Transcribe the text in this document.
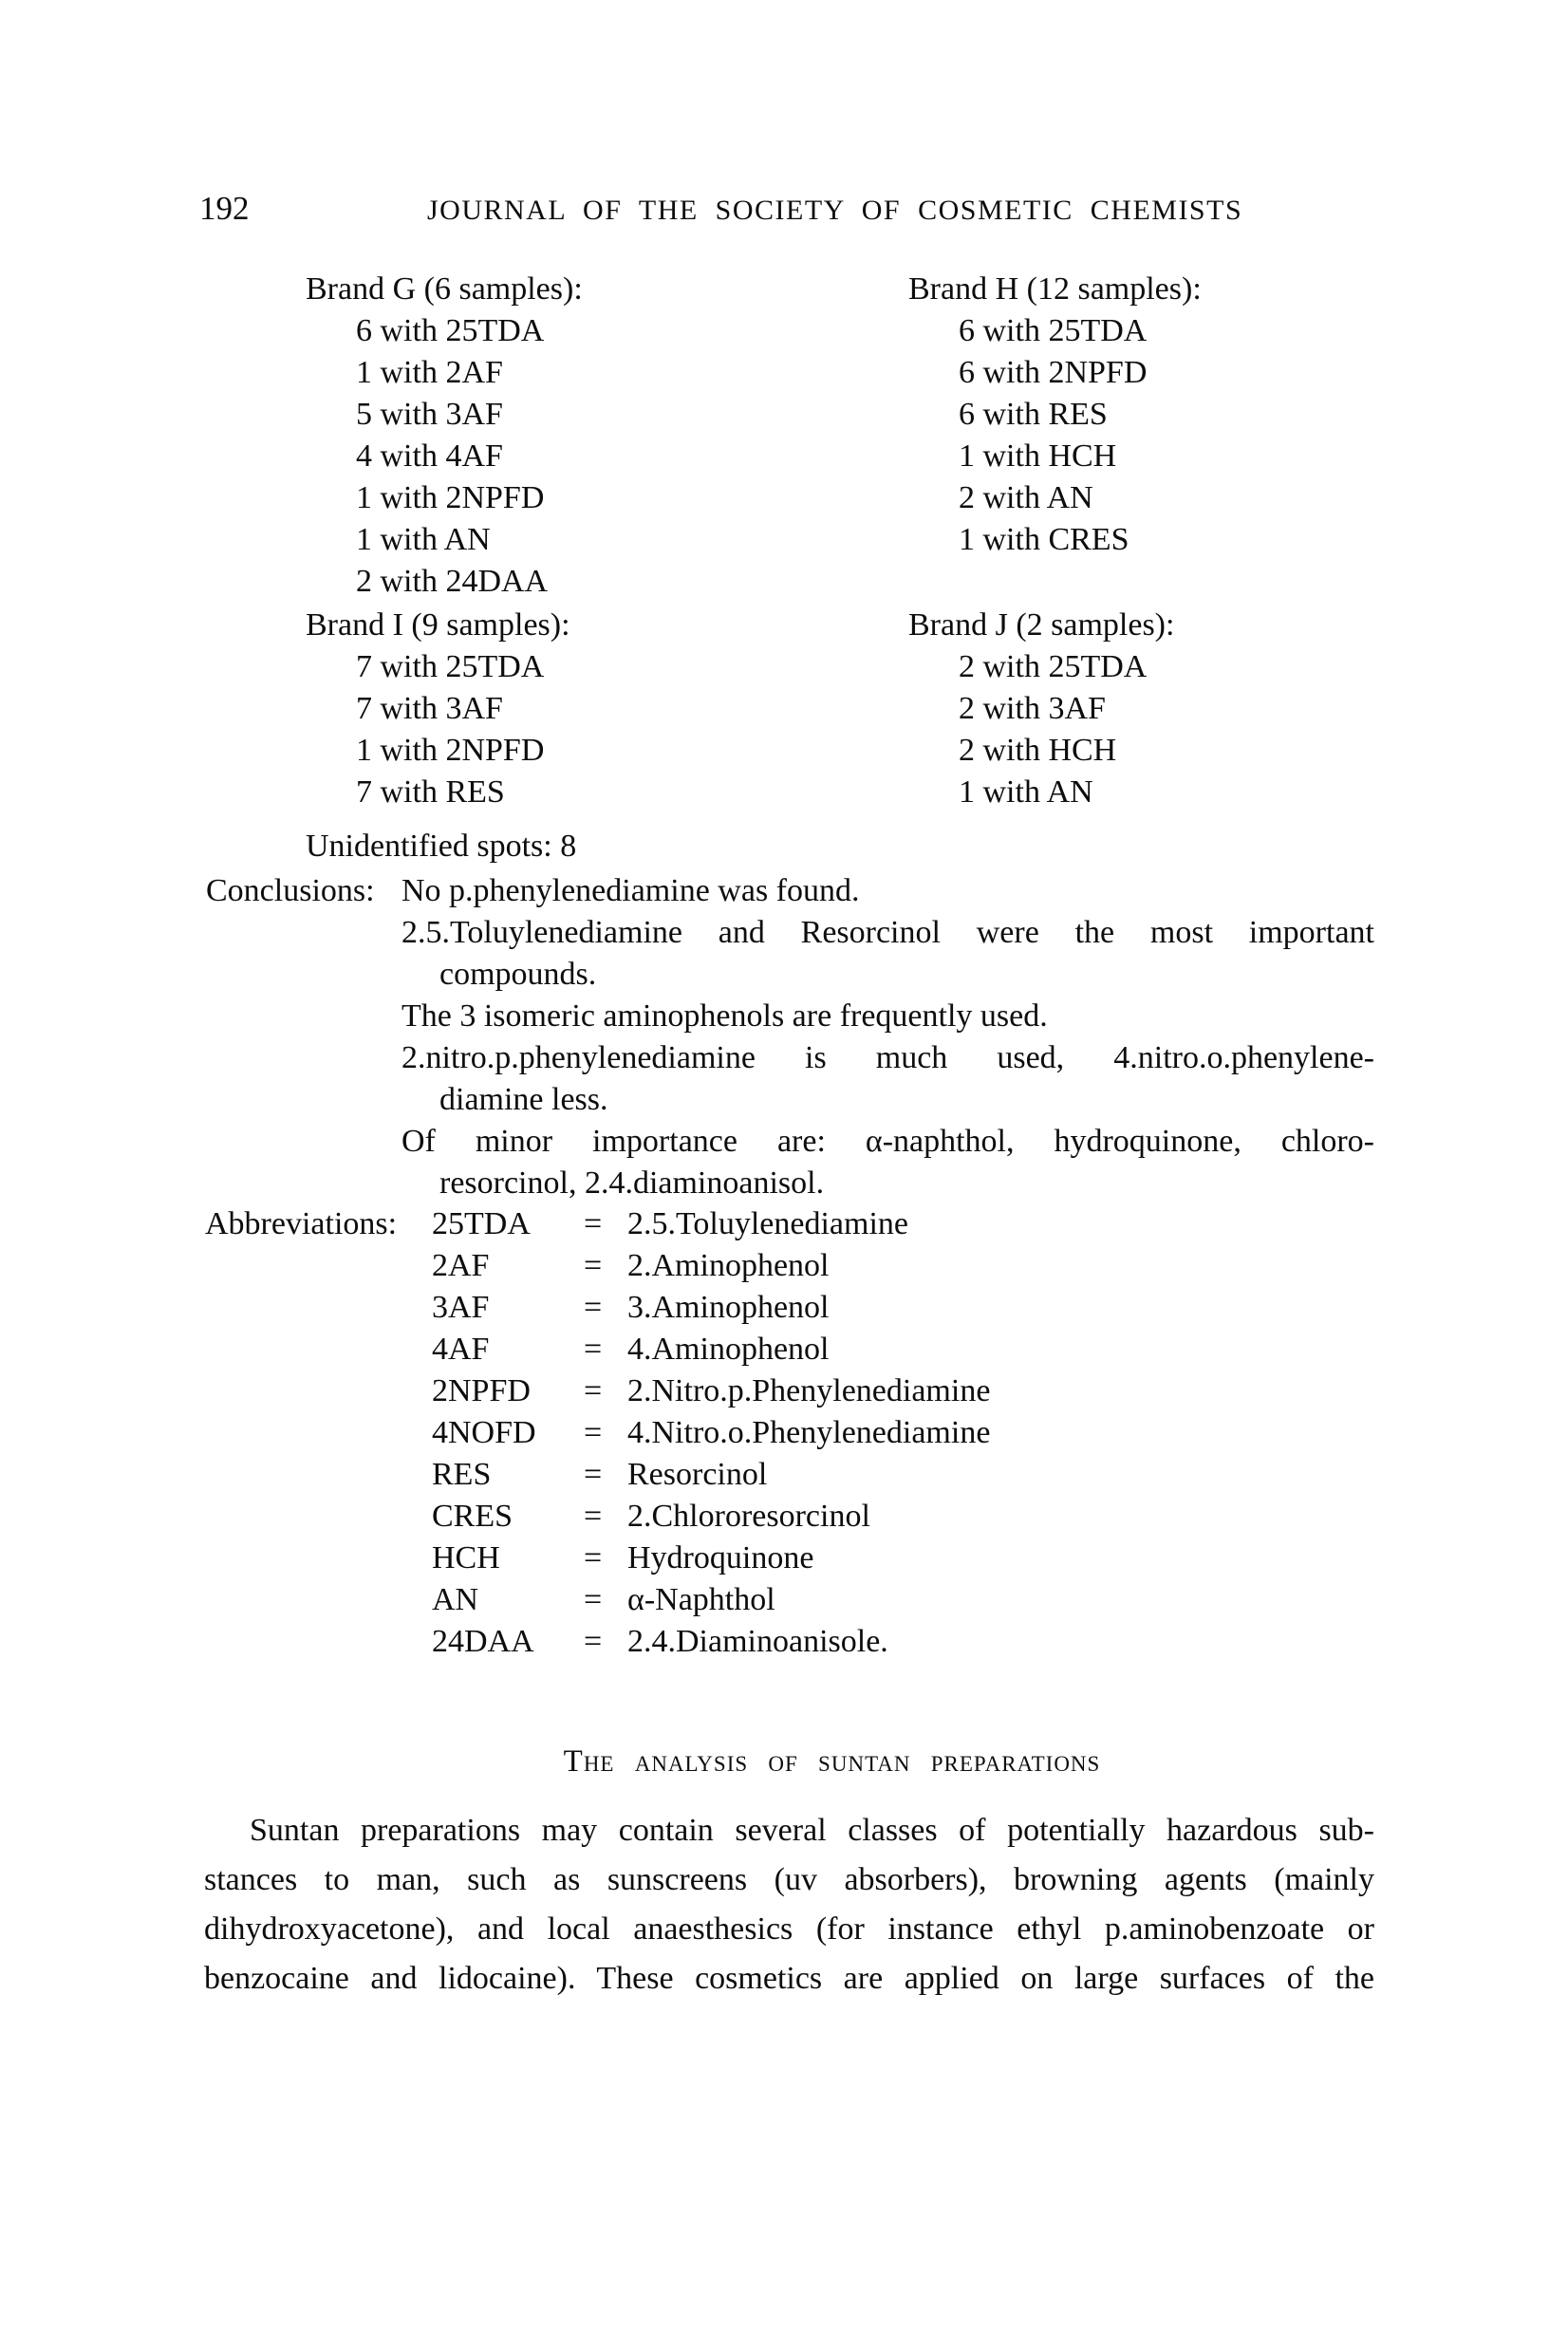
192	JOURNAL OF THE SOCIETY OF COSMETIC CHEMISTS
Brand G (6 samples):
6 with 25TDA
1 with 2AF
5 with 3AF
4 with 4AF
1 with 2NPFD
1 with AN
2 with 24DAA
Brand H (12 samples):
6 with 25TDA
6 with 2NPFD
6 with RES
1 with HCH
2 with AN
1 with CRES
Brand I (9 samples):
7 with 25TDA
7 with 3AF
1 with 2NPFD
7 with RES
Brand J (2 samples):
2 with 25TDA
2 with 3AF
2 with HCH
1 with AN
Unidentified spots: 8
Conclusions: No p.phenylenediamine was found.
2.5.Toluylenediamine and Resorcinol were the most important
compounds.
The 3 isomeric aminophenols are frequently used.
2.nitro.p.phenylenediamine is much used, 4.nitro.o.phenylene-
diamine less.
Of minor importance are: α-naphthol, hydroquinone, chloro-
resorcinol, 2.4.diaminoanisol.
Abbreviations: 25TDA	= 2.5.Toluylenediamine
2AF	= 2.Aminophenol
3AF	= 3.Aminophenol
4AF	= 4.Aminophenol
2NPFD	= 2.Nitro.p.Phenylenediamine
4NOFD	= 4.Nitro.o.Phenylenediamine
RES	= Resorcinol
CRES	= 2.Chlororesorcinol
HCH	= Hydroquinone
AN	= α-Naphthol
24DAA	= 2.4.Diaminoanisole.
The analysis of suntan preparations
Suntan preparations may contain several classes of potentially hazardous sub-
stances to man, such as sunscreens (uv absorbers), browning agents (mainly
dihydroxyacetone), and local anaesthesics (for instance ethyl p.aminobenzoate or
benzocaine and lidocaine). These cosmetics are applied on large surfaces of the
